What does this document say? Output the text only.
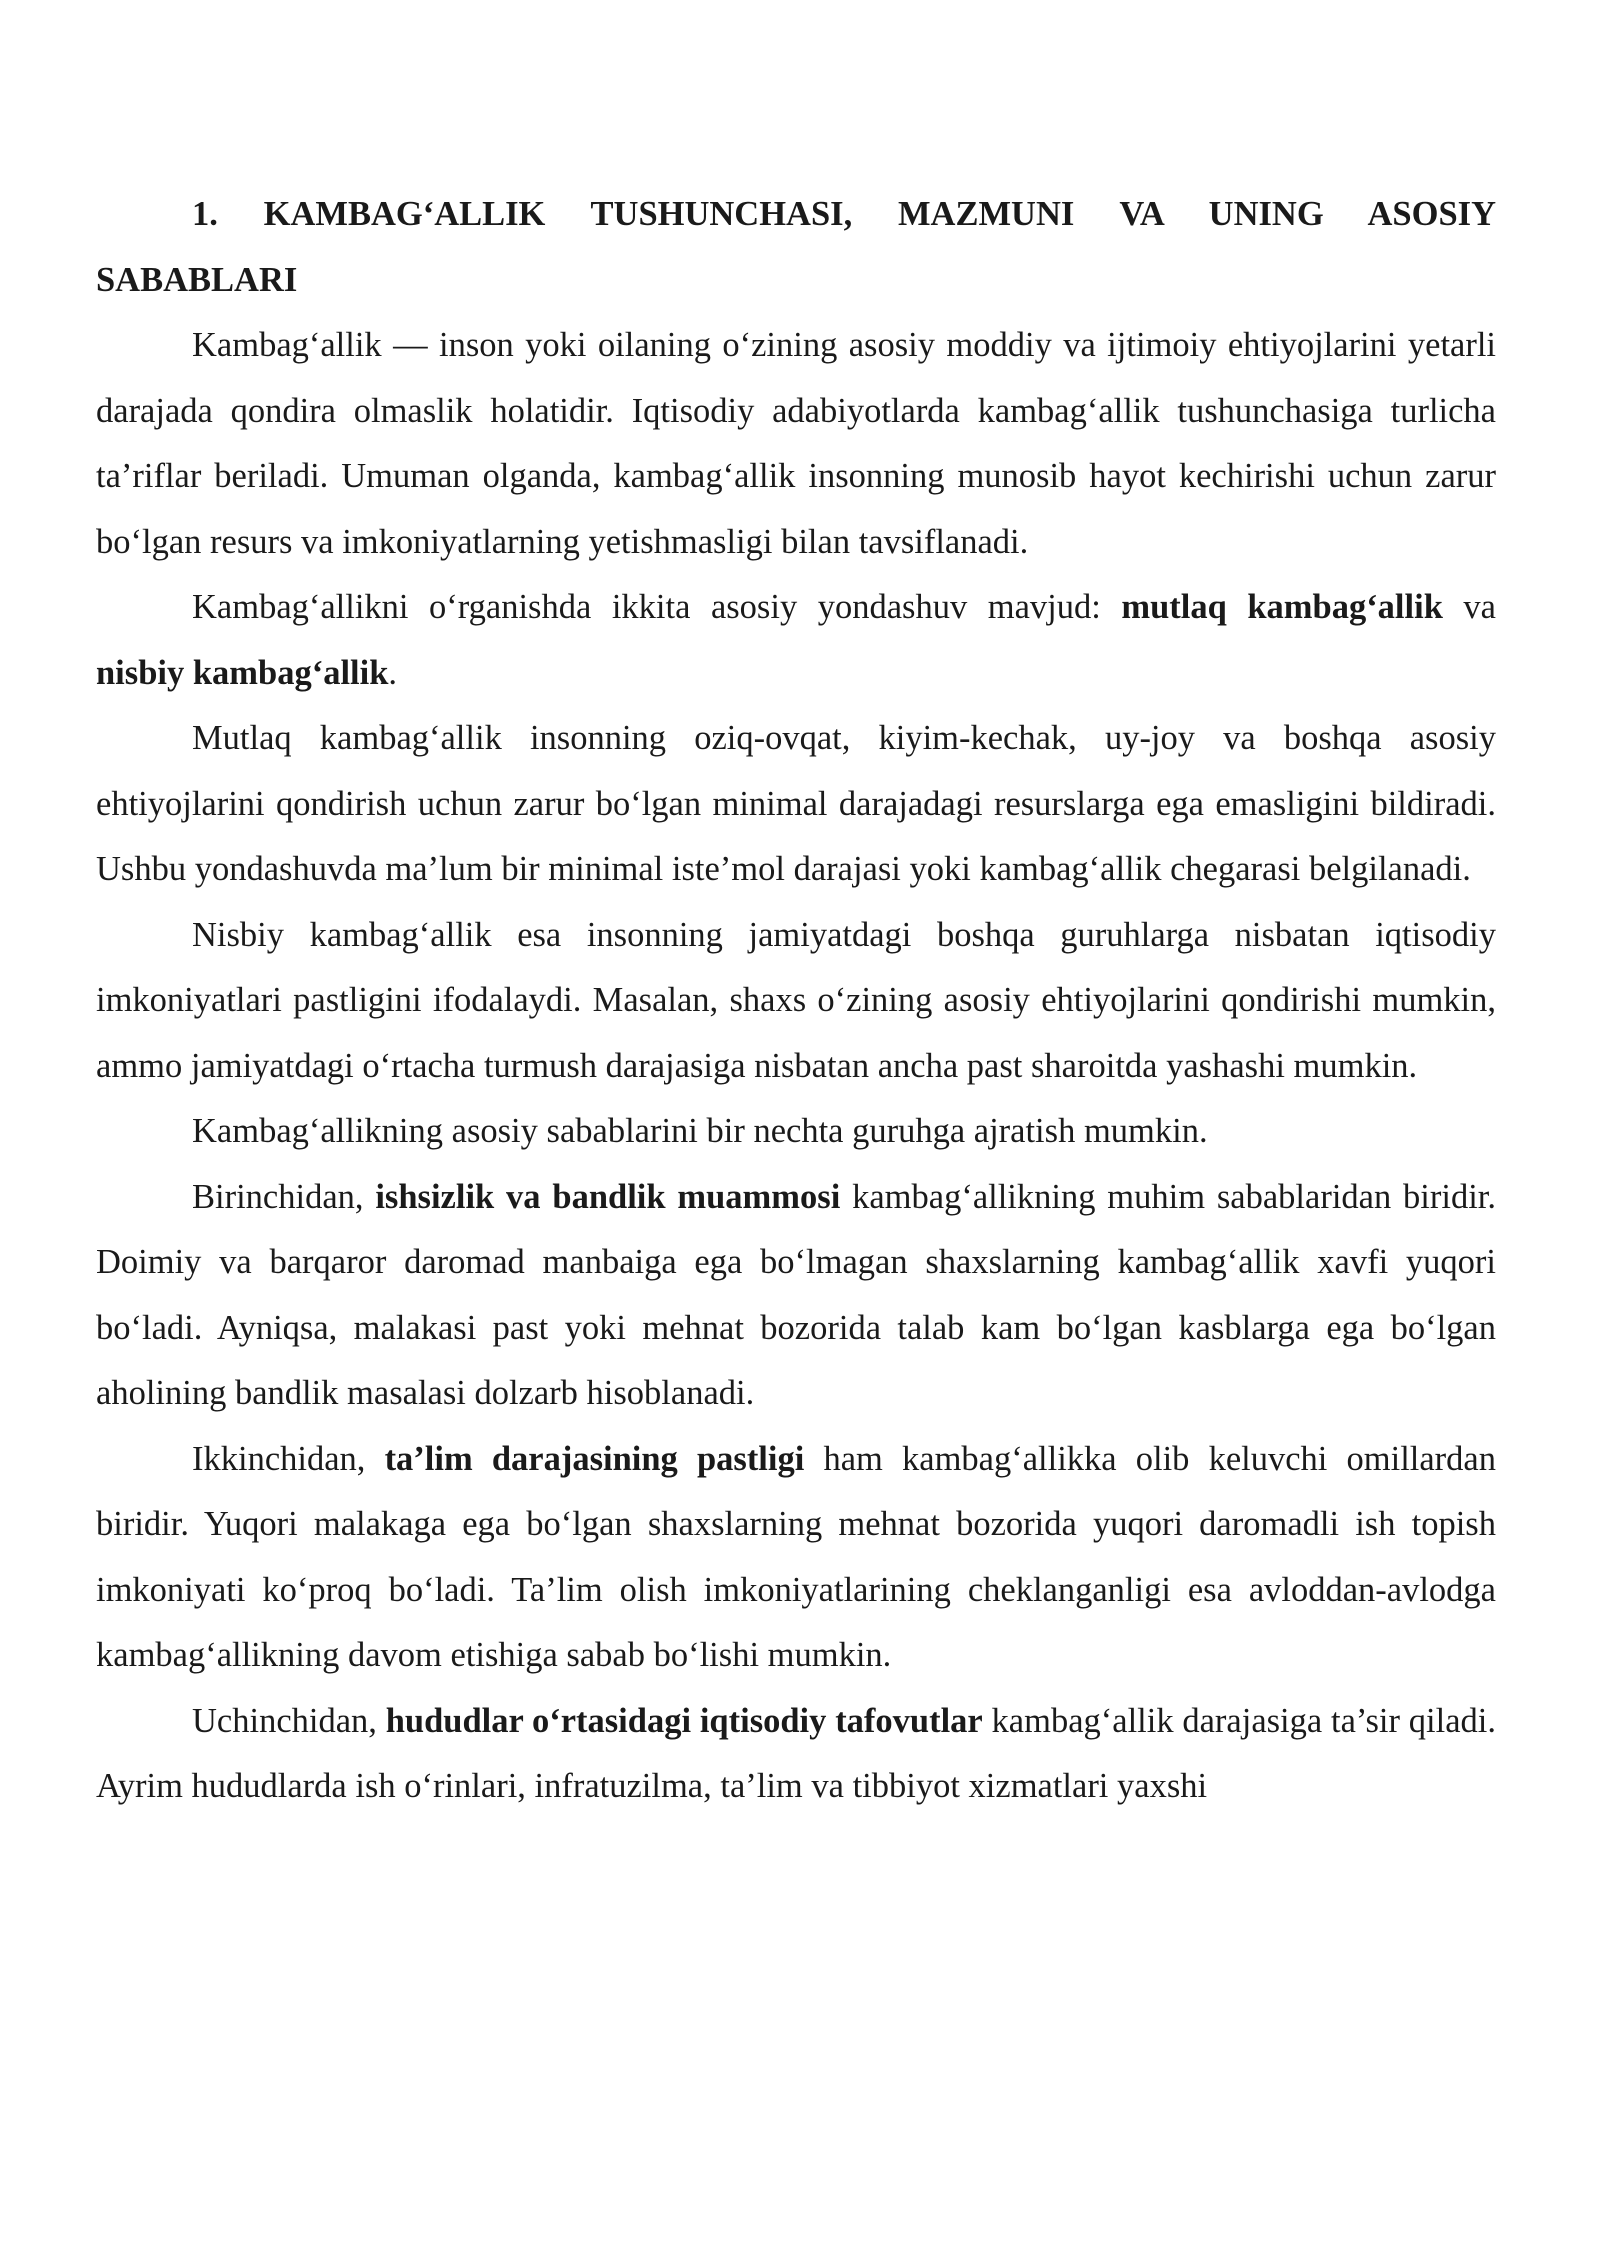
1. KAMBAG‘ALLIK TUSHUNCHASI, MAZMUNI VA UNING ASOSIY SABABLARI

Kambag‘allik — inson yoki oilaning o‘zining asosiy moddiy va ijtimoiy ehtiyojlarini yetarli darajada qondira olmaslik holatidir. Iqtisodiy adabiyotlarda kambag‘allik tushunchasiga turlicha ta’riflar beriladi. Umuman olganda, kambag‘allik insonning munosib hayot kechirishi uchun zarur bo‘lgan resurs va imkoniyatlarning yetishmasligi bilan tavsiflanadi.

Kambag‘allikni o‘rganishda ikkita asosiy yondashuv mavjud: mutlaq kambag‘allik va nisbiy kambag‘allik.

Mutlaq kambag‘allik insonning oziq-ovqat, kiyim-kechak, uy-joy va boshqa asosiy ehtiyojlarini qondirish uchun zarur bo‘lgan minimal darajadagi resurslarga ega emasligini bildiradi. Ushbu yondashuvda ma’lum bir minimal iste’mol darajasi yoki kambag‘allik chegarasi belgilanadi.

Nisbiy kambag‘allik esa insonning jamiyatdagi boshqa guruhlarga nisbatan iqtisodiy imkoniyatlari pastligini ifodalaydi. Masalan, shaxs o‘zining asosiy ehtiyojlarini qondirishi mumkin, ammo jamiyatdagi o‘rtacha turmush darajasiga nisbatan ancha past sharoitda yashashi mumkin.

Kambag‘allikning asosiy sabablarini bir nechta guruhga ajratish mumkin.

Birinchidan, ishsizlik va bandlik muammosi kambag‘allikning muhim sabablaridan biridir. Doimiy va barqaror daromad manbaiga ega bo‘lmagan shaxslarning kambag‘allik xavfi yuqori bo‘ladi. Ayniqsa, malakasi past yoki mehnat bozorida talab kam bo‘lgan kasblarga ega bo‘lgan aholining bandlik masalasi dolzarb hisoblanadi.

Ikkinchidan, ta’lim darajasining pastligi ham kambag‘allikka olib keluvchi omillardan biridir. Yuqori malakaga ega bo‘lgan shaxslarning mehnat bozorida yuqori daromadli ish topish imkoniyati ko‘proq bo‘ladi. Ta’lim olish imkoniyatlarining cheklanganligi esa avloddan-avlodga kambag‘allikning davom etishiga sabab bo‘lishi mumkin.

Uchinchidan, hududlar o‘rtasidagi iqtisodiy tafovutlar kambag‘allik darajasiga ta’sir qiladi. Ayrim hududlarda ish o‘rinlari, infratuzilma, ta’lim va tibbiyot xizmatlari yaxshi
